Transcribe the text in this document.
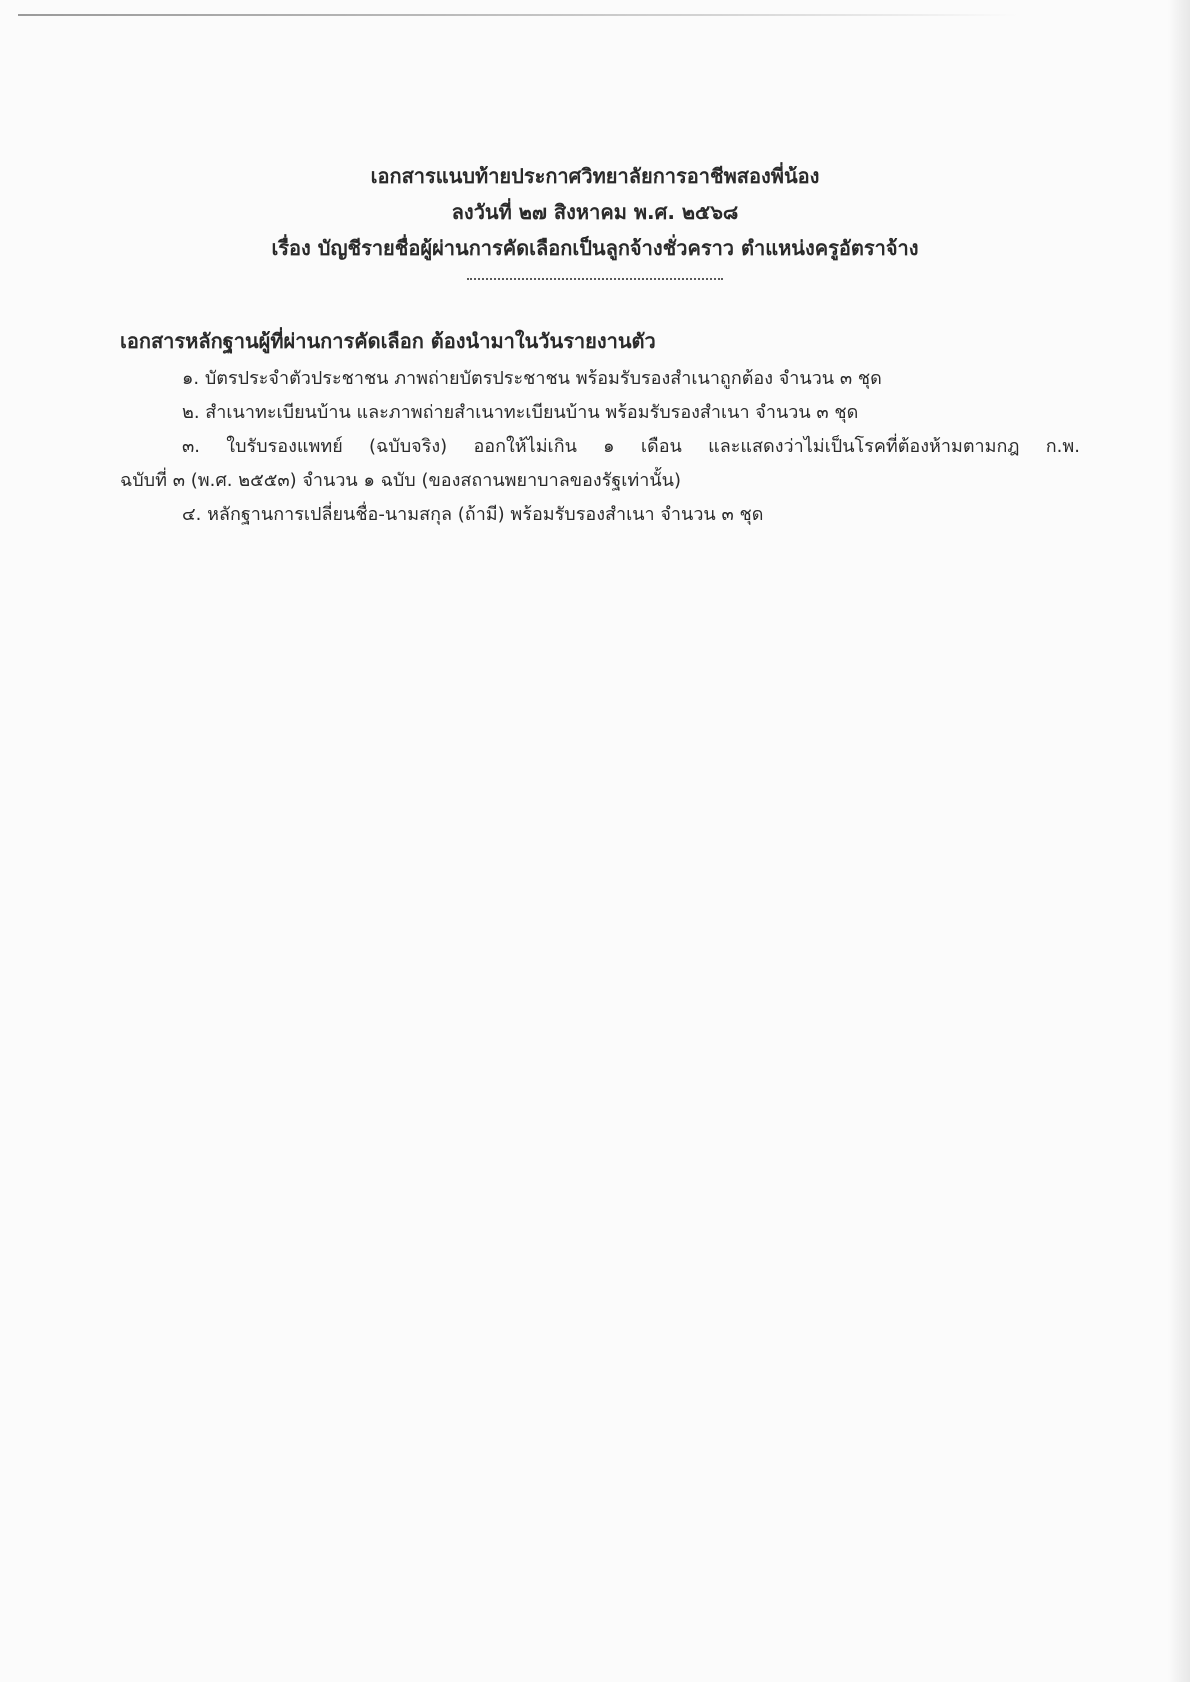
เอกสารแนบท้ายประกาศวิทยาลัยการอาชีพสองพี่น้อง
ลงวันที่ ๒๗ สิงหาคม พ.ศ. ๒๕๖๘
เรื่อง บัญชีรายชื่อผู้ผ่านการคัดเลือกเป็นลูกจ้างชั่วคราว ตำแหน่งครูอัตราจ้าง
เอกสารหลักฐานผู้ที่ผ่านการคัดเลือก ต้องนำมาในวันรายงานตัว
๑. บัตรประจำตัวประชาชน ภาพถ่ายบัตรประชาชน พร้อมรับรองสำเนาถูกต้อง จำนวน ๓ ชุด
๒. สำเนาทะเบียนบ้าน และภาพถ่ายสำเนาทะเบียนบ้าน พร้อมรับรองสำเนา จำนวน ๓ ชุด
๓. ใบรับรองแพทย์ (ฉบับจริง) ออกให้ไม่เกิน ๑ เดือน และแสดงว่าไม่เป็นโรคที่ต้องห้ามตามกฎ ก.พ.
ฉบับที่ ๓ (พ.ศ. ๒๕๕๓) จำนวน ๑ ฉบับ (ของสถานพยาบาลของรัฐเท่านั้น)
๔. หลักฐานการเปลี่ยนชื่อ-นามสกุล (ถ้ามี) พร้อมรับรองสำเนา จำนวน ๓ ชุด
